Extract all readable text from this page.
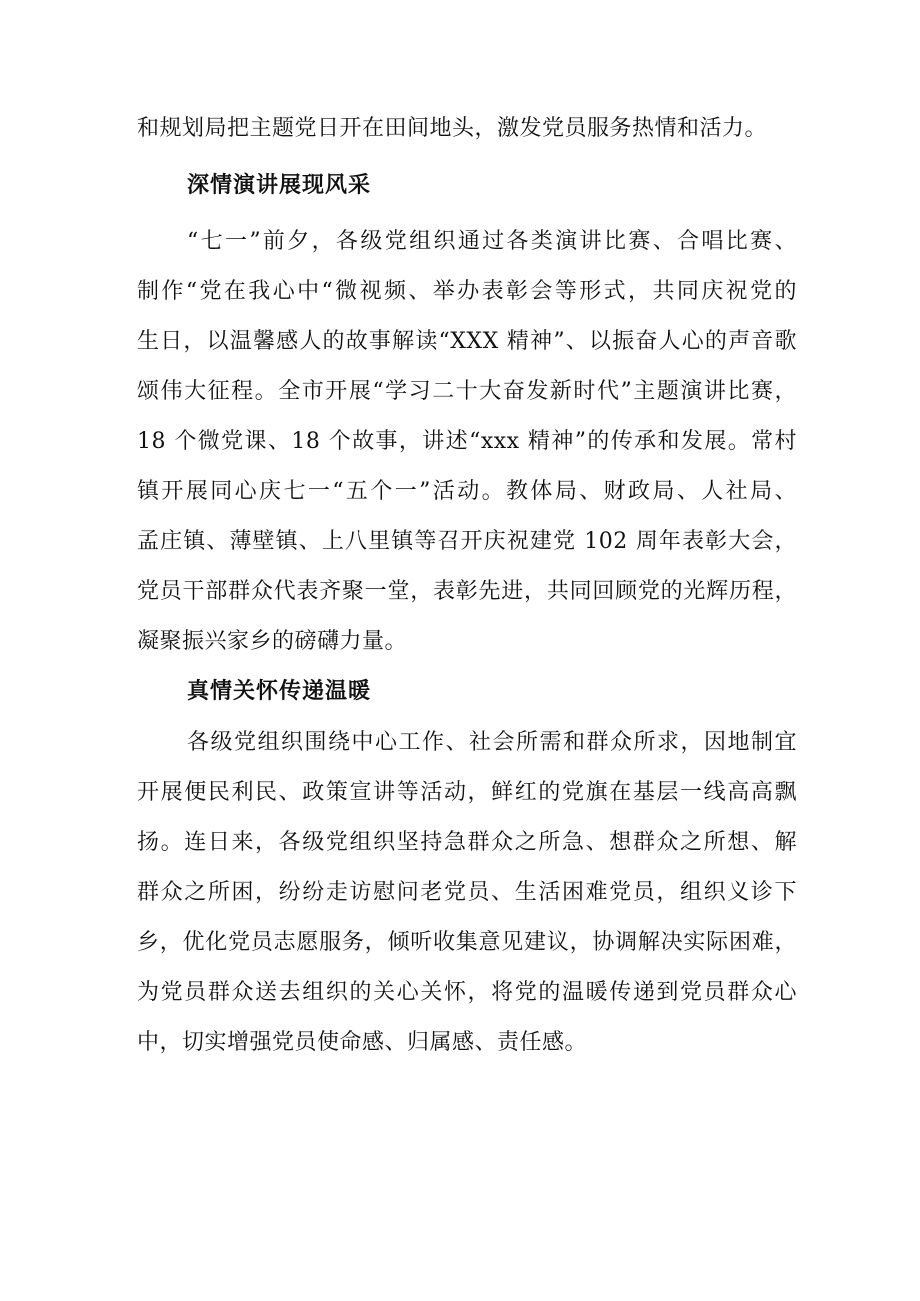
和规划局把主题党日开在田间地头，激发党员服务热情和活力。
深情演讲展现风采
“七一”前夕，各级党组织通过各类演讲比赛、合唱比赛、
制作“党在我心中“微视频、举办表彰会等形式，共同庆祝党的
生日，以温馨感人的故事解读“XXX 精神”、以振奋人心的声音歌
颂伟大征程。全市开展“学习二十大奋发新时代”主题演讲比赛，
18 个微党课、18 个故事，讲述“xxx 精神”的传承和发展。常村
镇开展同心庆七一“五个一”活动。教体局、财政局、人社局、
孟庄镇、薄壁镇、上八里镇等召开庆祝建党 102 周年表彰大会，
党员干部群众代表齐聚一堂，表彰先进，共同回顾党的光辉历程，
凝聚振兴家乡的磅礴力量。
真情关怀传递温暖
各级党组织围绕中心工作、社会所需和群众所求，因地制宜
开展便民利民、政策宣讲等活动，鲜红的党旗在基层一线高高飘
扬。连日来，各级党组织坚持急群众之所急、想群众之所想、解
群众之所困，纷纷走访慰问老党员、生活困难党员，组织义诊下
乡，优化党员志愿服务，倾听收集意见建议，协调解决实际困难，
为党员群众送去组织的关心关怀，将党的温暖传递到党员群众心
中，切实增强党员使命感、归属感、责任感。
